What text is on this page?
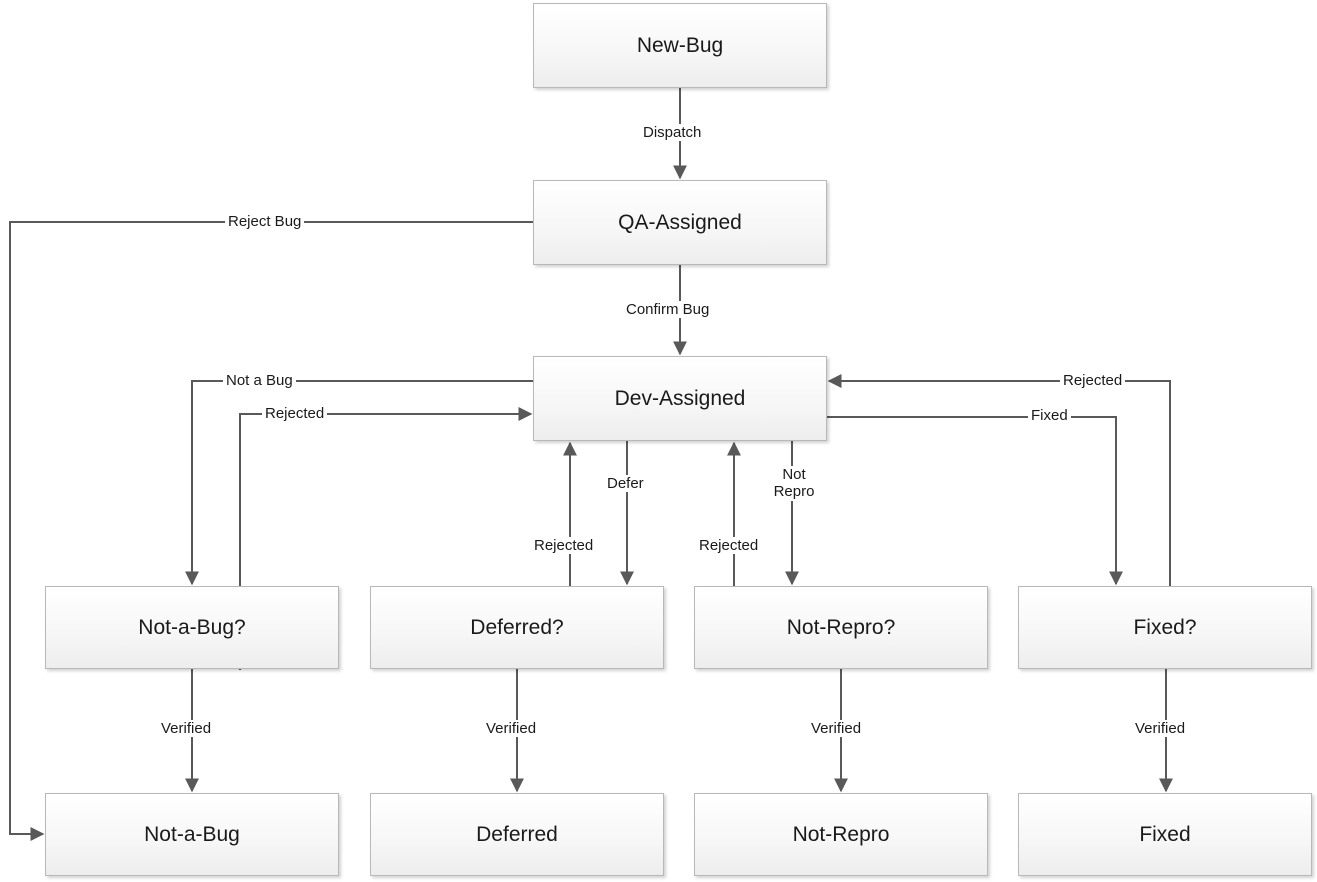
New-Bug
QA-Assigned
Dev-Assigned
Not-a-Bug?	Deferred?	Not-Repro?	Fixed?
Not-a-Bug	Deferred	Not-Repro	Fixed
Dispatch
Confirm Bug
Reject Bug
Not a Bug
Rejected
Defer
Rejected
Not
Repro
Rejected
Fixed
Rejected
Verified	Verified	Verified	Verified
